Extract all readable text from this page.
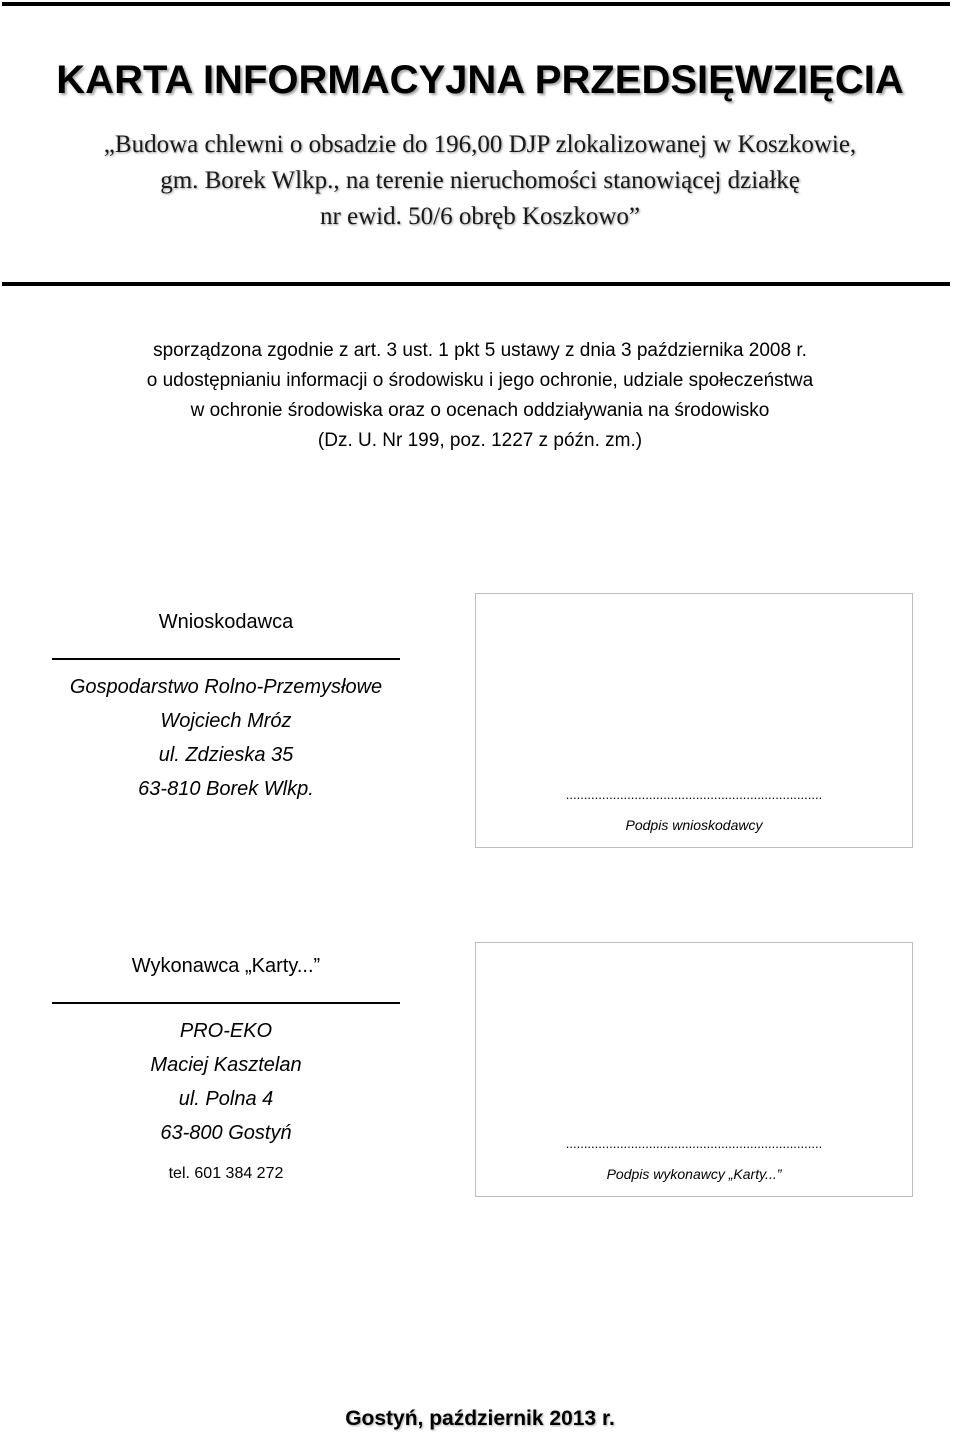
KARTA INFORMACYJNA PRZEDSIĘWZIĘCIA
„Budowa chlewni o obsadzie do 196,00 DJP zlokalizowanej w Koszkowie,
gm. Borek Wlkp., na terenie nieruchomości stanowiącej działkę
nr ewid. 50/6 obręb Koszkowo”
sporządzona zgodnie z art. 3 ust. 1 pkt 5 ustawy z dnia 3 października 2008 r.
o udostępnianiu informacji o środowisku i jego ochronie, udziale społeczeństwa
w ochronie środowiska oraz o ocenach oddziaływania na środowisko
(Dz. U. Nr 199, poz. 1227 z późn. zm.)
Wnioskodawca
Gospodarstwo Rolno-Przemysłowe
Wojciech Mróz
ul. Zdzieska 35
63-810 Borek Wlkp.	.......................................................................
Podpis wnioskodawcy
Wykonawca „Karty...”
PRO-EKO
Maciej Kasztelan
ul. Polna 4
63-800 Gostyń
tel. 601 384 272
.......................................................................
Podpis wykonawcy „Karty...”
Gostyń, październik 2013 r.
